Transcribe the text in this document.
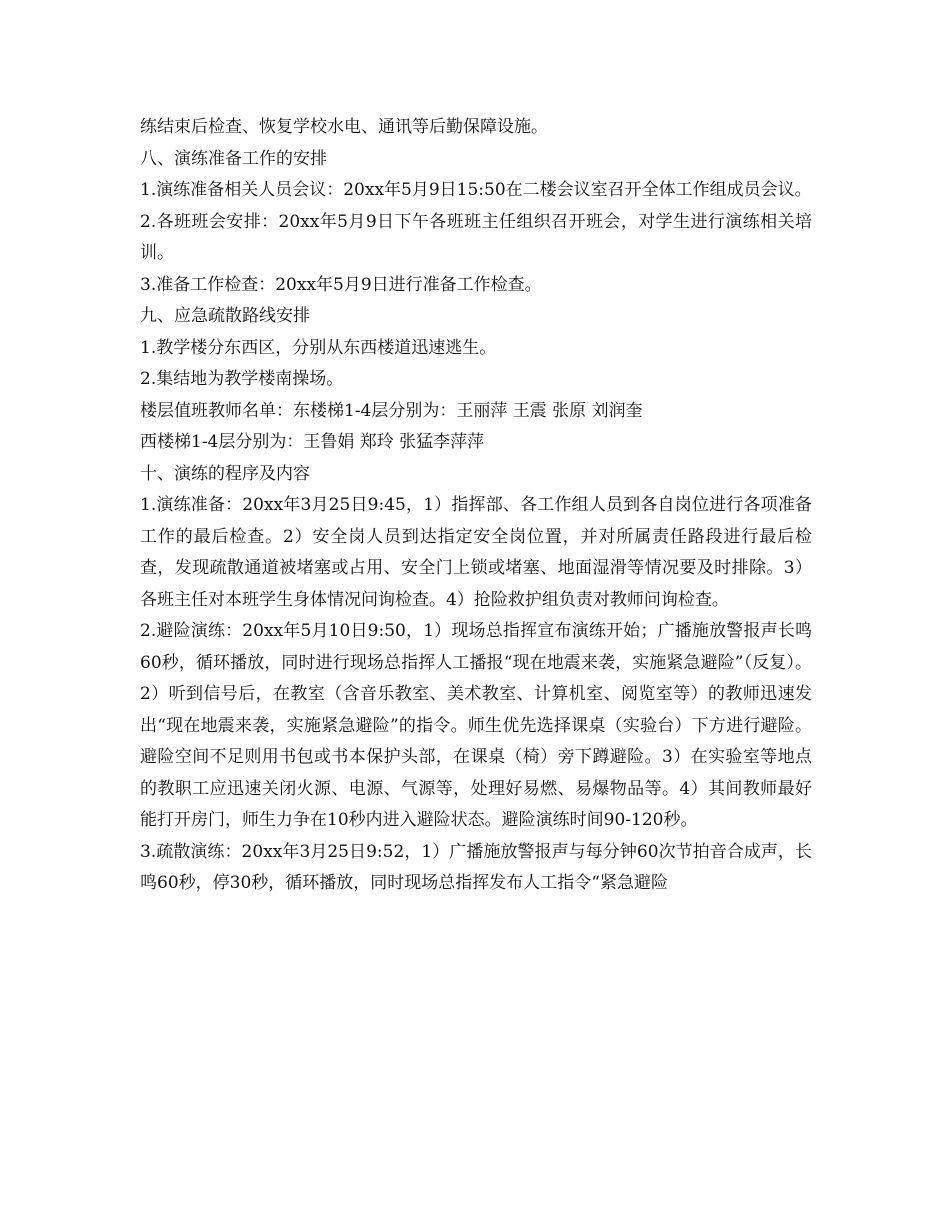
练结束后检查、恢复学校水电、通讯等后勤保障设施。

八、演练准备工作的安排

1.演练准备相关人员会议：20xx年5月9日15:50在二楼会议室召开全体工作组成员会议。

2.各班班会安排：20xx年5月9日下午各班班主任组织召开班会，对学生进行演练相关培训。

3.准备工作检查：20xx年5月9日进行准备工作检查。

九、应急疏散路线安排

1.教学楼分东西区，分别从东西楼道迅速逃生。

2.集结地为教学楼南操场。

楼层值班教师名单：东楼梯1-4层分别为：王丽萍 王震 张原 刘润奎

西楼梯1-4层分别为：王鲁娟 郑玲 张猛李萍萍

十、演练的程序及内容

1.演练准备：20xx年3月25日9:45，1）指挥部、各工作组人员到各自岗位进行各项准备工作的最后检查。2）安全岗人员到达指定安全岗位置，并对所属责任路段进行最后检查，发现疏散通道被堵塞或占用、安全门上锁或堵塞、地面湿滑等情况要及时排除。3）各班主任对本班学生身体情况问询检查。4）抢险救护组负责对教师问询检查。

2.避险演练：20xx年5月10日9:50，1）现场总指挥宣布演练开始；广播施放警报声长鸣60秒，循环播放，同时进行现场总指挥人工播报“现在地震来袭，实施紧急避险”（反复）。2）听到信号后，在教室（含音乐教室、美术教室、计算机室、阅览室等）的教师迅速发出“现在地震来袭，实施紧急避险”的指令。师生优先选择课桌（实验台）下方进行避险。避险空间不足则用书包或书本保护头部，在课桌（椅）旁下蹲避险。3）在实验室等地点的教职工应迅速关闭火源、电源、气源等，处理好易燃、易爆物品等。4）其间教师最好能打开房门，师生力争在10秒内进入避险状态。避险演练时间90-120秒。

3.疏散演练：20xx年3月25日9:52，1）广播施放警报声与每分钟60次节拍音合成声，长鸣60秒，停30秒，循环播放，同时现场总指挥发布人工指令“紧急避险
